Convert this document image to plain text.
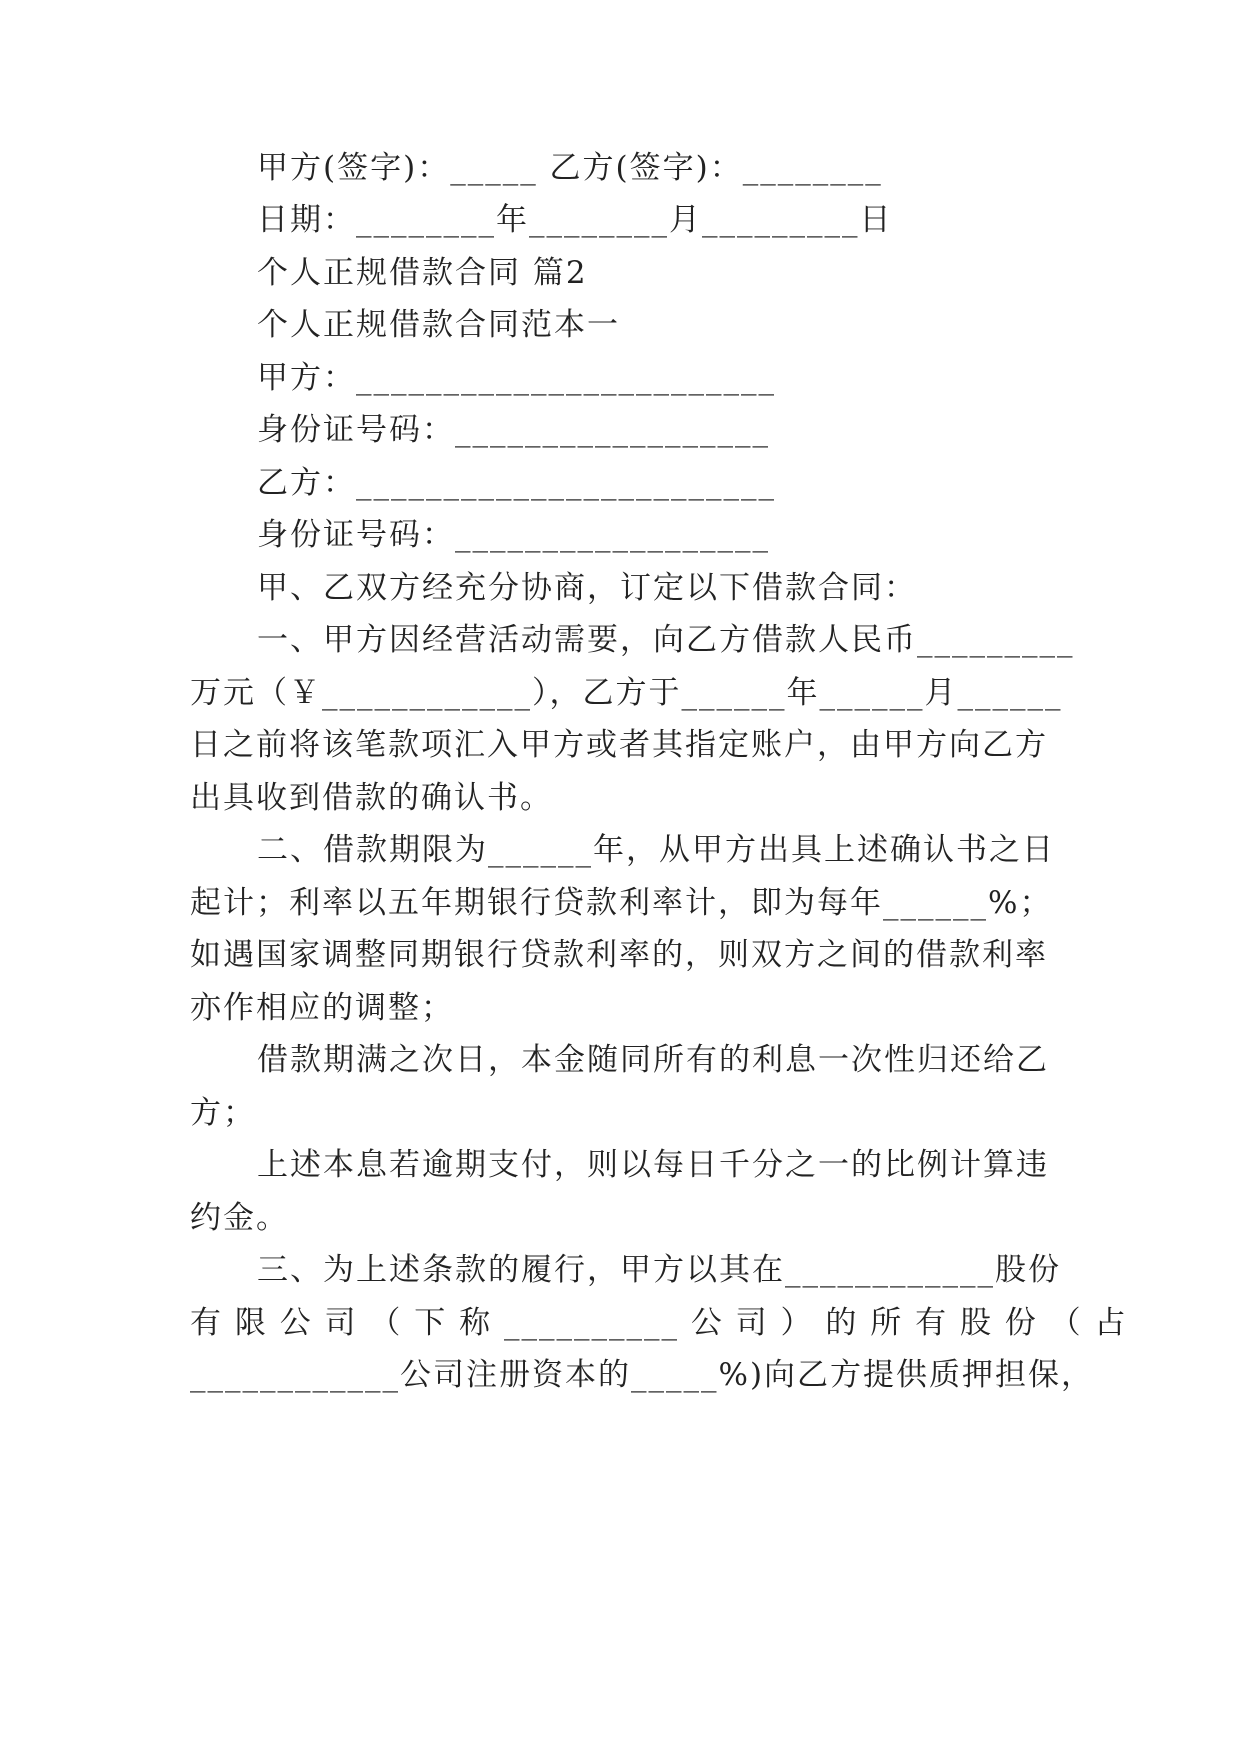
甲方(签字)：_____ 乙方(签字)：________
日期：________年________月_________日
个人正规借款合同 篇2
个人正规借款合同范本一
甲方：________________________
身份证号码：__________________
乙方：________________________
身份证号码：__________________
甲、乙双方经充分协商，订定以下借款合同：
一、甲方因经营活动需要，向乙方借款人民币_________
万元（￥____________），乙方于______年______月______
日之前将该笔款项汇入甲方或者其指定账户，由甲方向乙方
出具收到借款的确认书。
二、借款期限为______年，从甲方出具上述确认书之日
起计；利率以五年期银行贷款利率计，即为每年______%；
如遇国家调整同期银行贷款利率的，则双方之间的借款利率
亦作相应的调整；
借款期满之次日，本金随同所有的利息一次性归还给乙
方；
上述本息若逾期支付，则以每日千分之一的比例计算违
约金。
三、为上述条款的履行，甲方以其在____________股份
有 限 公 司 （ 下 称 __________ 公 司 ） 的 所 有 股 份 （ 占
____________公司注册资本的_____%)向乙方提供质押担保，
